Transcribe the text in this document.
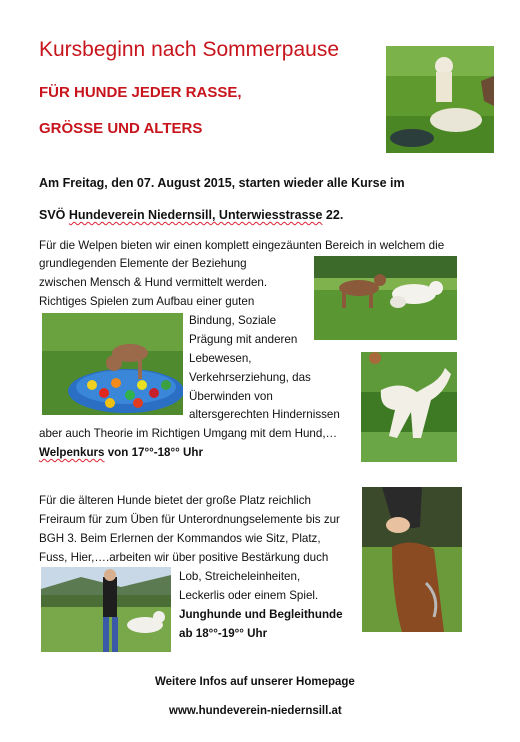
Kursbeginn nach Sommerpause
FÜR HUNDE JEDER RASSE,
GRÖSSE UND ALTERS
Am Freitag, den 07. August 2015, starten wieder alle Kurse im
SVÖ Hundeverein Niedernsill, Unterwiesstrasse 22.
Für die Welpen bieten wir einen komplett eingezäunten Bereich in welchem die
grundlegenden Elemente der Beziehung
zwischen Mensch & Hund vermittelt werden.
Richtiges Spielen zum Aufbau einer guten
Bindung, Soziale
Prägung mit anderen
Lebewesen,
Verkehrserziehung, das
Überwinden von
altersgerechten Hindernissen
aber auch Theorie im Richtigen Umgang mit dem Hund,…
Welpenkurs von 17°°-18°° Uhr
Für die älteren Hunde bietet der große Platz reichlich
Freiraum für zum Üben für Unterordnungselemente bis zur
BGH 3. Beim Erlernen der Kommandos wie Sitz, Platz,
Fuss, Hier,….arbeiten wir über positive Bestärkung duch
Lob, Streicheleinheiten,
Leckerlis oder einem Spiel.
Junghunde und Begleithunde
ab 18°°-19°° Uhr
Weitere Infos auf unserer Homepage
www.hundeverein-niedernsill.at
